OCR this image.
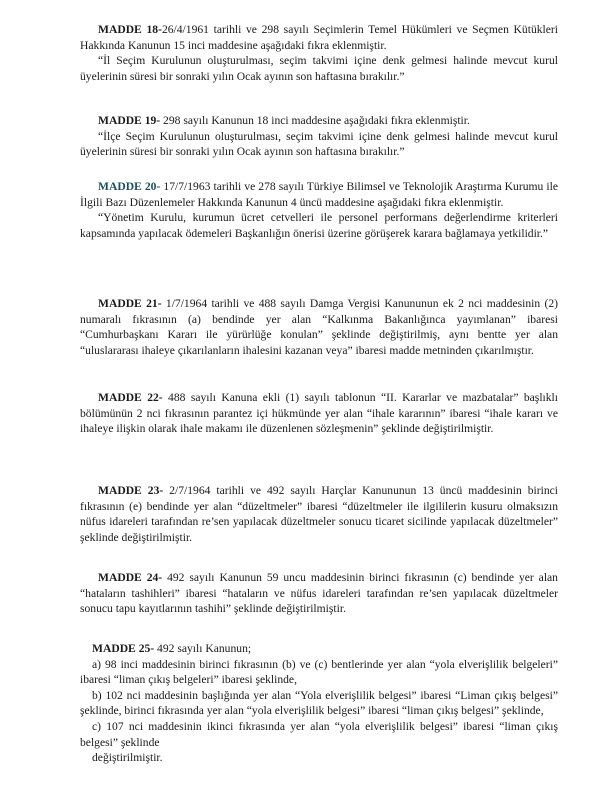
MADDE 18-26/4/1961 tarihli ve 298 sayılı Seçimlerin Temel Hükümleri ve Seçmen Kütükleri Hakkında Kanunun 15 inci maddesine aşağıdaki fıkra eklenmiştir.

“İl Seçim Kurulunun oluşturulması, seçim takvimi içine denk gelmesi halinde mevcut kurul üyelerinin süresi bir sonraki yılın Ocak ayının son haftasına bırakılır.”

MADDE 19- 298 sayılı Kanunun 18 inci maddesine aşağıdaki fıkra eklenmiştir.

“İlçe Seçim Kurulunun oluşturulması, seçim takvimi içine denk gelmesi halinde mevcut kurul üyelerinin süresi bir sonraki yılın Ocak ayının son haftasına bırakılır.”

MADDE 20- 17/7/1963 tarihli ve 278 sayılı Türkiye Bilimsel ve Teknolojik Araştırma Kurumu ile İlgili Bazı Düzenlemeler Hakkında Kanunun 4 üncü maddesine aşağıdaki fıkra eklenmiştir.

“Yönetim Kurulu, kurumun ücret cetvelleri ile personel performans değerlendirme kriterleri kapsamında yapılacak ödemeleri Başkanlığın önerisi üzerine görüşerek karara bağlamaya yetkilidir.”

MADDE 21- 1/7/1964 tarihli ve 488 sayılı Damga Vergisi Kanununun ek 2 nci maddesinin (2) numaralı fıkrasının (a) bendinde yer alan “Kalkınma Bakanlığınca yayımlanan” ibaresi “Cumhurbaşkanı Kararı ile yürürlüğe konulan” şeklinde değiştirilmiş, aynı bentte yer alan “uluslararası ihaleye çıkarılanların ihalesini kazanan veya” ibaresi madde metninden çıkarılmıştır.

MADDE 22- 488 sayılı Kanuna ekli (1) sayılı tablonun “II. Kararlar ve mazbatalar” başlıklı bölümünün 2 nci fıkrasının parantez içi hükmünde yer alan “ihale kararının” ibaresi “ihale kararı ve ihaleye ilişkin olarak ihale makamı ile düzenlenen sözleşmenin” şeklinde değiştirilmiştir.

MADDE 23- 2/7/1964 tarihli ve 492 sayılı Harçlar Kanununun 13 üncü maddesinin birinci fıkrasının (e) bendinde yer alan “düzeltmeler” ibaresi “düzeltmeler ile ilgililerin kusuru olmaksızın nüfus idareleri tarafından re’sen yapılacak düzeltmeler sonucu ticaret sicilinde yapılacak düzeltmeler” şeklinde değiştirilmiştir.

MADDE 24- 492 sayılı Kanunun 59 uncu maddesinin birinci fıkrasının (c) bendinde yer alan “hataların tashihleri” ibaresi “hataların ve nüfus idareleri tarafından re’sen yapılacak düzeltmeler sonucu tapu kayıtlarının tashihi” şeklinde değiştirilmiştir.

MADDE 25- 492 sayılı Kanunun;

a) 98 inci maddesinin birinci fıkrasının (b) ve (c) bentlerinde yer alan “yola elverişlilik belgeleri” ibaresi “liman çıkış belgeleri” ibaresi şeklinde,

b) 102 nci maddesinin başlığında yer alan “Yola elverişlilik belgesi” ibaresi “Liman çıkış belgesi” şeklinde, birinci fıkrasında yer alan “yola elverişlilik belgesi” ibaresi “liman çıkış belgesi” şeklinde,

c) 107 nci maddesinin ikinci fıkrasında yer alan “yola elverişlilik belgesi” ibaresi “liman çıkış belgesi” şeklinde

değiştirilmiştir.
